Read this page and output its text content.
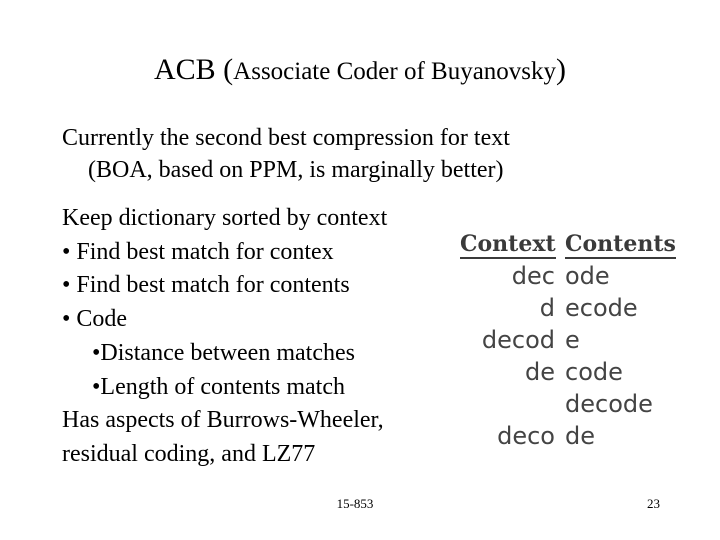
ACB (Associate Coder of Buyanovsky)
Currently the second best compression for text
(BOA, based on PPM, is marginally better)
Keep dictionary sorted by context
• Find best match for contex
• Find best match for contents
• Code
•Distance between matches
•Length of contents match
Has aspects of Burrows-Wheeler,
residual coding, and LZ77
Context Contents
dec ode
d ecode
decod e
de code
decode
deco de
15-853	23
